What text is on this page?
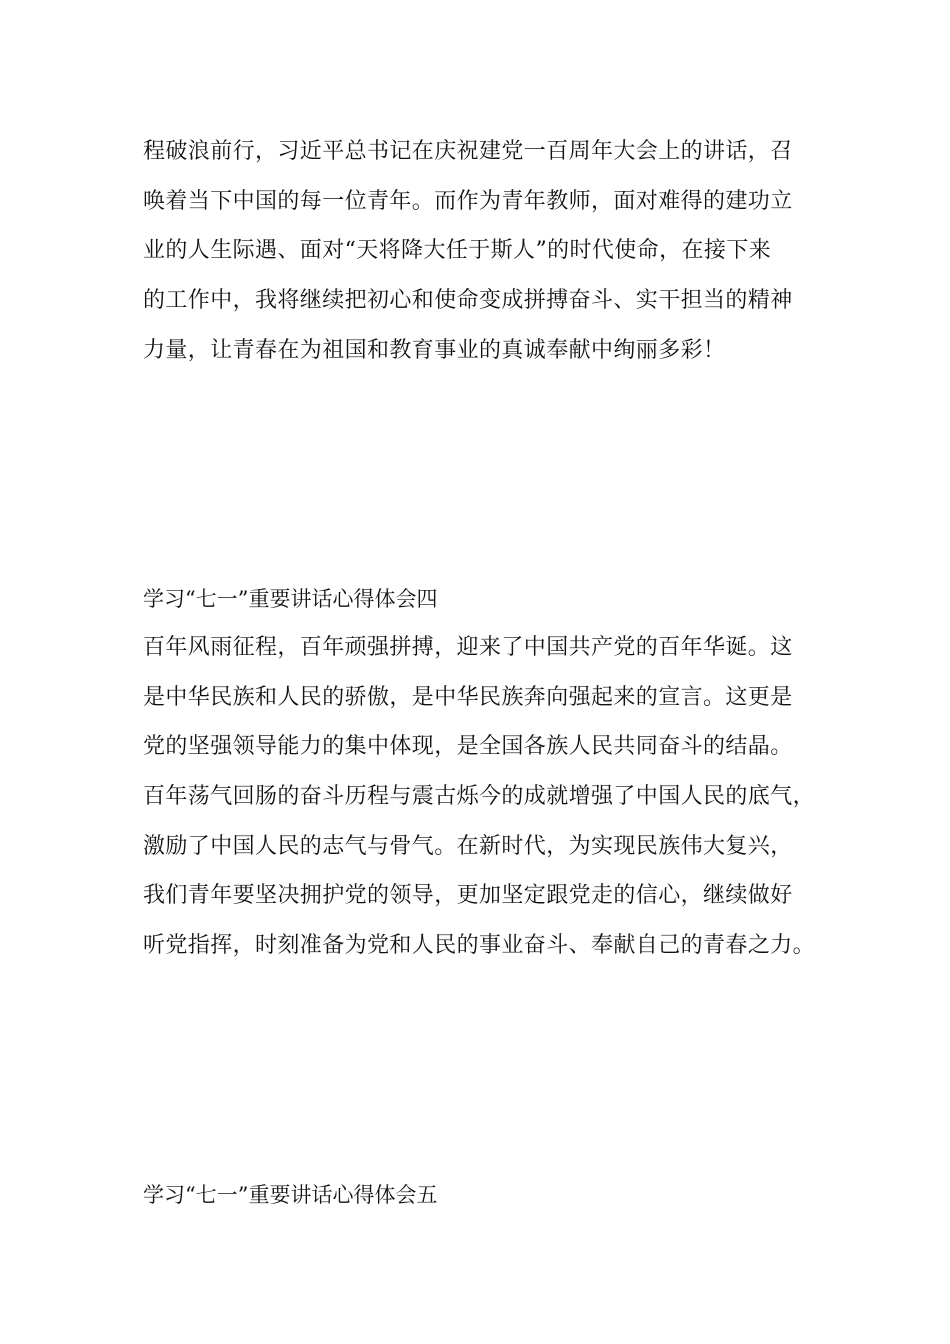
程破浪前行，习近平总书记在庆祝建党一百周年大会上的讲话，召
唤着当下中国的每一位青年。而作为青年教师，面对难得的建功立
业的人生际遇、面对“天将降大任于斯人”的时代使命，在接下来
的工作中，我将继续把初心和使命变成拼搏奋斗、实干担当的精神
力量，让青春在为祖国和教育事业的真诚奉献中绚丽多彩！
学习“七一”重要讲话心得体会四
百年风雨征程，百年顽强拼搏，迎来了中国共产党的百年华诞。这
是中华民族和人民的骄傲，是中华民族奔向强起来的宣言。这更是
党的坚强领导能力的集中体现，是全国各族人民共同奋斗的结晶。
百年荡气回肠的奋斗历程与震古烁今的成就增强了中国人民的底气，
激励了中国人民的志气与骨气。在新时代，为实现民族伟大复兴，
我们青年要坚决拥护党的领导，更加坚定跟党走的信心，继续做好
听党指挥，时刻准备为党和人民的事业奋斗、奉献自己的青春之力。
学习“七一”重要讲话心得体会五
